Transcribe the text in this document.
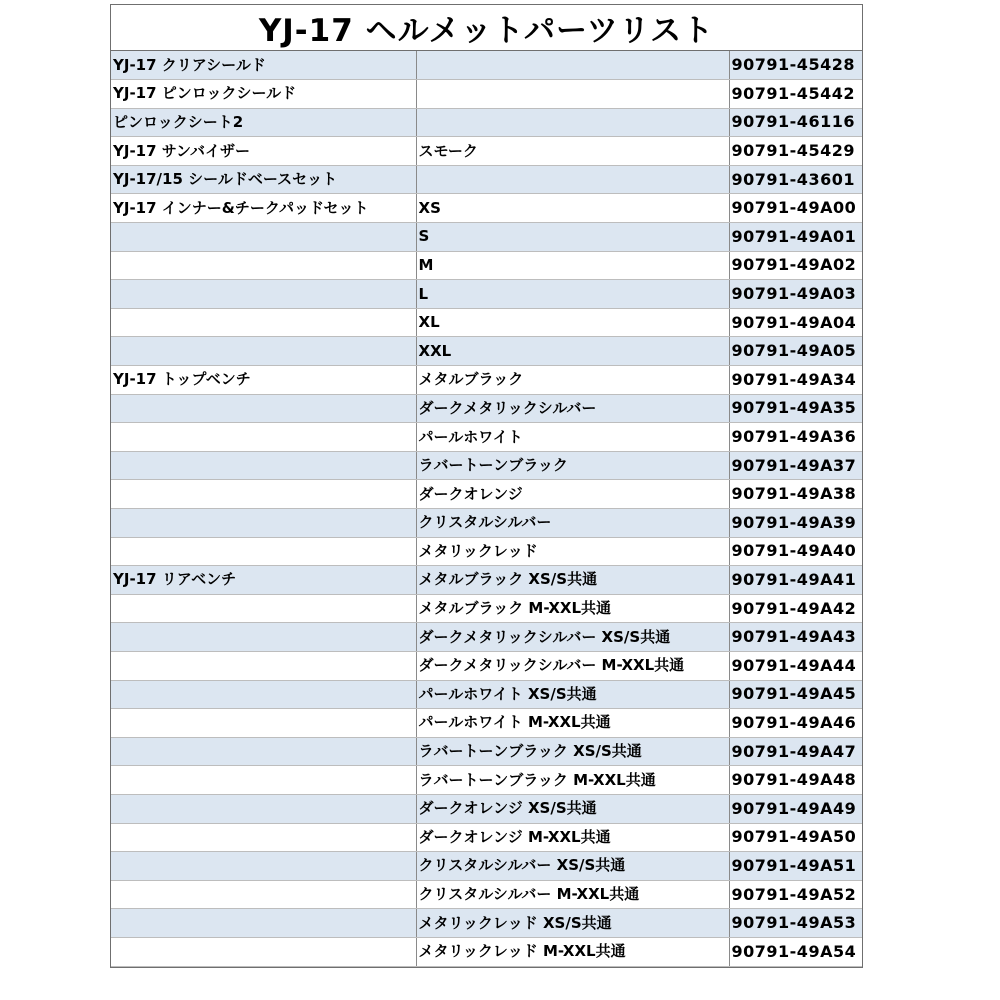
YJ-17 ヘルメットパーツリスト
YJ-17 クリアシールド		90791-45428
YJ-17 ピンロックシールド		90791-45442
ピンロックシート2		90791-46116
YJ-17 サンバイザー	スモーク	90791-45429
YJ-17/15 シールドベースセット		90791-43601
YJ-17 インナー&チークパッドセット	XS	90791-49A00
	S	90791-49A01
	M	90791-49A02
	L	90791-49A03
	XL	90791-49A04
	XXL	90791-49A05
YJ-17 トップベンチ	メタルブラック	90791-49A34
	ダークメタリックシルバー	90791-49A35
	パールホワイト	90791-49A36
	ラバートーンブラック	90791-49A37
	ダークオレンジ	90791-49A38
	クリスタルシルバー	90791-49A39
	メタリックレッド	90791-49A40
YJ-17 リアベンチ	メタルブラック XS/S共通	90791-49A41
	メタルブラック M-XXL共通	90791-49A42
	ダークメタリックシルバー XS/S共通	90791-49A43
	ダークメタリックシルバー M-XXL共通	90791-49A44
	パールホワイト XS/S共通	90791-49A45
	パールホワイト M-XXL共通	90791-49A46
	ラバートーンブラック XS/S共通	90791-49A47
	ラバートーンブラック M-XXL共通	90791-49A48
	ダークオレンジ XS/S共通	90791-49A49
	ダークオレンジ M-XXL共通	90791-49A50
	クリスタルシルバー XS/S共通	90791-49A51
	クリスタルシルバー M-XXL共通	90791-49A52
	メタリックレッド XS/S共通	90791-49A53
	メタリックレッド M-XXL共通	90791-49A54
